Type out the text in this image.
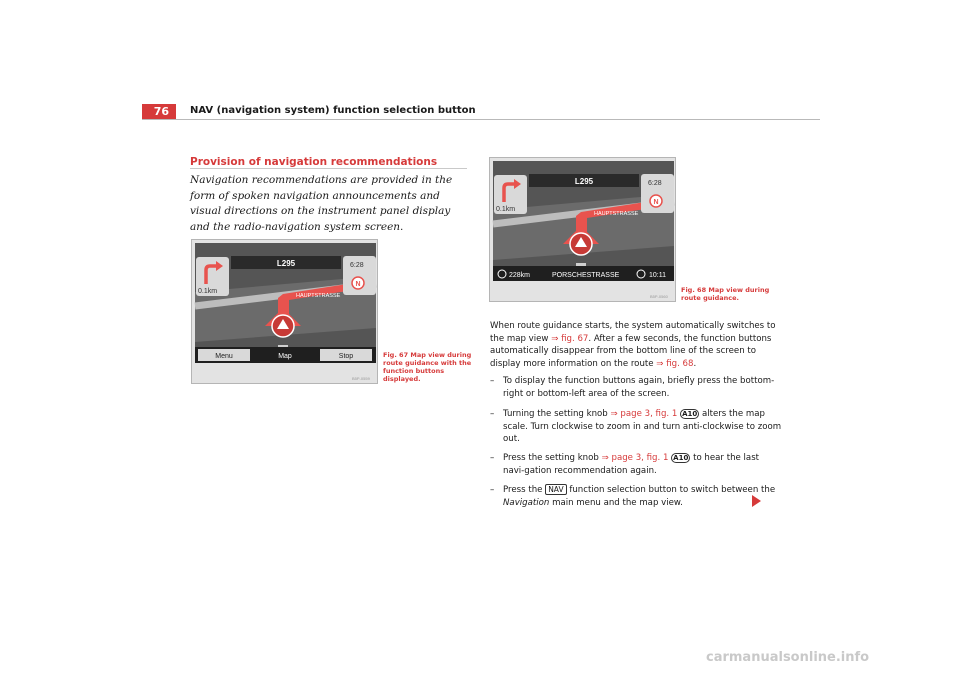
76	NAV (navigation system) function selection button
Provision of navigation recommendations
Navigation recommendations are provided in the form of spoken navigation announcements and visual directions on the instrument panel display and the radio-navigation system screen.
0.1km
L295	6:28
N
HAUPTSTRASSE
Menu	Map	Stop
B5P-0559
Fig. 67 Map view during route guidance with the function buttons displayed.
0.1km
L295	6:28
N
HAUPTSTRASSE
228km	PORSCHESTRASSE	10:11
B5P-0560
Fig. 68 Map view during route guidance.
When route guidance starts, the system automatically switches to the map view ⇒ fig. 67. After a few seconds, the function buttons automatically disappear from the bottom line of the screen to display more information on the route ⇒ fig. 68.
– To display the function buttons again, briefly press the bottom-right or bottom-left area of the screen.
– Turning the setting knob ⇒ page 3, fig. 1 A10 alters the map scale. Turn clockwise to zoom in and turn anti-clockwise to zoom out.
– Press the setting knob ⇒ page 3, fig. 1 A10 to hear the last navi-gation recommendation again.
– Press the NAV function selection button to switch between the Navigation main menu and the map view.
carmanualsonline.info
